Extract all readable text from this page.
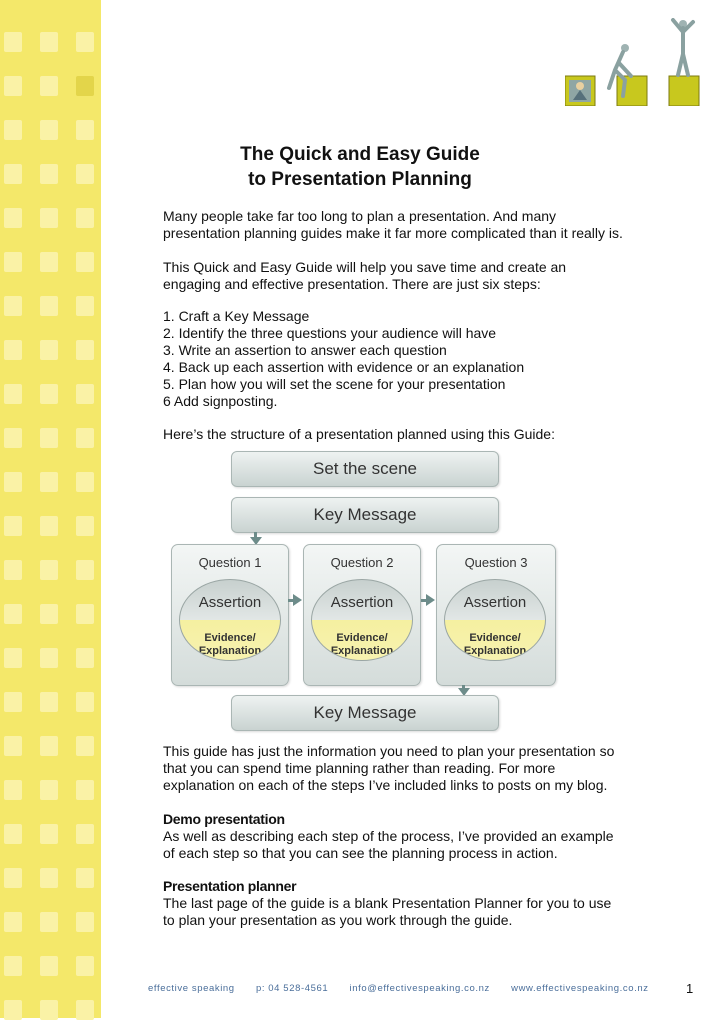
The Quick and Easy Guide
to Presentation Planning

Many people take far too long to plan a presentation. And many

presentation planning guides make it far more complicated than it really is.

This Quick and Easy Guide will help you save time and create an

engaging and effective presentation. There are just six steps:

1. Craft a Key Message

2. Identify the three questions your audience will have

3. Write an assertion to answer each question

4. Back up each assertion with evidence or an explanation

5. Plan how you will set the scene for your presentation

6 Add signposting.

Here’s the structure of a presentation planned using this Guide:
Set the scene
Key Message
Question 1
Assertion
Evidence/
Explanation
Question 2
Assertion
Evidence/
Explanation
Question 3
Assertion
Evidence/
Explanation
Key Message

This guide has just the information you need to plan your presentation so

that you can spend time planning rather than reading. For more

explanation on each of the steps I’ve included links to posts on my blog.

Demo presentation

As well as describing each step of the process, I’ve provided an example

of each step so that you can see the planning process in action.

Presentation planner

The last page of the guide is a blank Presentation Planner for you to use

to plan your presentation as you work through the guide.

effective speaking p: 04 528-4561 info@effectivespeaking.co.nz www.effectivespeaking.co.nz	1
